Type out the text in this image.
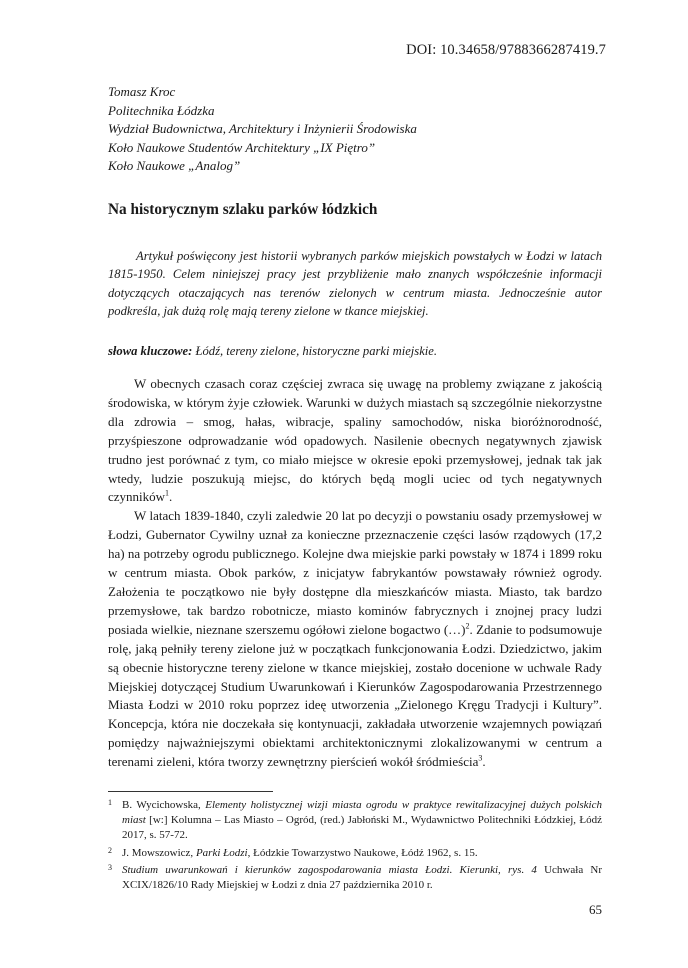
DOI: 10.34658/9788366287419.7
Tomasz Kroc
Politechnika Łódzka
Wydział Budownictwa, Architektury i Inżynierii Środowiska
Koło Naukowe Studentów Architektury „IX Piętro”
Koło Naukowe „Analog”
Na historycznym szlaku parków łódzkich

Artykuł poświęcony jest historii wybranych parków miejskich powstałych w Łodzi w latach 1815-1950. Celem niniejszej pracy jest przybliżenie mało znanych współcześnie informacji dotyczących otaczających nas terenów zielonych w centrum miasta. Jednocześnie autor podkreśla, jak dużą rolę mają tereny zielone w tkance miejskiej.

słowa kluczowe: Łódź, tereny zielone, historyczne parki miejskie.

W obecnych czasach coraz częściej zwraca się uwagę na problemy związane z jakością środowiska, w którym żyje człowiek. Warunki w dużych miastach są szczególnie niekorzystne dla zdrowia – smog, hałas, wibracje, spaliny samochodów, niska bioróżnorodność, przyśpieszone odprowadzanie wód opadowych. Nasilenie obecnych negatywnych zjawisk trudno jest porównać z tym, co miało miejsce w okresie epoki przemysłowej, jednak tak jak wtedy, ludzie poszukują miejsc, do których będą mogli uciec od tych negatywnych czynników$^1$.

W latach 1839-1840, czyli zaledwie 20 lat po decyzji o powstaniu osady przemysłowej w Łodzi, Gubernator Cywilny uznał za konieczne przeznaczenie części lasów rządowych (17,2 ha) na potrzeby ogrodu publicznego. Kolejne dwa miejskie parki powstały w 1874 i 1899 roku w centrum miasta. Obok parków, z inicjatyw fabrykantów powstawały również ogrody. Założenia te początkowo nie były dostępne dla mieszkańców miasta. Miasto, tak bardzo przemysłowe, tak bardzo robotnicze, miasto kominów fabrycznych i znojnej pracy ludzi posiada wielkie, nieznane szerszemu ogółowi zielone bogactwo (…)$^2$. Zdanie to podsumowuje rolę, jaką pełniły tereny zielone już w początkach funkcjonowania Łodzi. Dziedzictwo, jakim są obecnie historyczne tereny zielone w tkance miejskiej, zostało docenione w uchwale Rady Miejskiej dotyczącej Studium Uwarunkowań i Kierunków Zagospodarowania Przestrzennego Miasta Łodzi w 2010 roku poprzez ideę utworzenia „Zielonego Kręgu Tradycji i Kultury”. Koncepcja, która nie doczekała się kontynuacji, zakładała utworzenie wzajemnych powiązań pomiędzy najważniejszymi obiektami architektonicznymi zlokalizowanymi w centrum a terenami zieleni, która tworzy zewnętrzny pierścień wokół śródmieścia$^3$.

1 B. Wycichowska, Elementy holistycznej wizji miasta ogrodu w praktyce rewitalizacyjnej dużych polskich miast [w:] Kolumna – Las Miasto – Ogród, (red.) Jabłoński M., Wydawnictwo Politechniki Łódzkiej, Łódź 2017, s. 57-72.
2 J. Mowszowicz, Parki Łodzi, Łódzkie Towarzystwo Naukowe, Łódź 1962, s. 15.
3 Studium uwarunkowań i kierunków zagospodarowania miasta Łodzi. Kierunki, rys. 4 Uchwała Nr XCIX/1826/10 Rady Miejskiej w Łodzi z dnia 27 października 2010 r.
65
